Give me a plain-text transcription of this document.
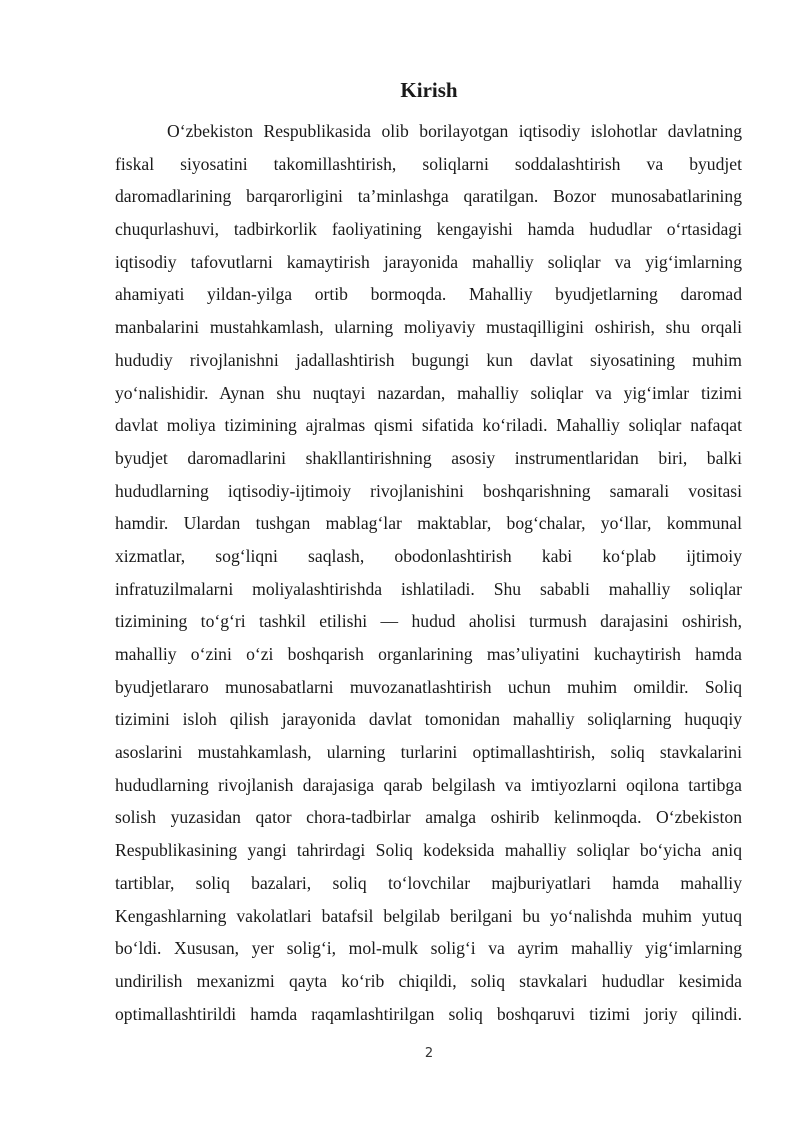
Kirish
O‘zbekiston Respublikasida olib borilayotgan iqtisodiy islohotlar davlatning
fiskal siyosatini takomillashtirish, soliqlarni soddalashtirish va byudjet
daromadlarining barqarorligini ta’minlashga qaratilgan. Bozor munosabatlarining
chuqurlashuvi, tadbirkorlik faoliyatining kengayishi hamda hududlar o‘rtasidagi
iqtisodiy tafovutlarni kamaytirish jarayonida mahalliy soliqlar va yig‘imlarning
ahamiyati yildan-yilga ortib bormoqda. Mahalliy byudjetlarning daromad
manbalarini mustahkamlash, ularning moliyaviy mustaqilligini oshirish, shu orqali
hududiy rivojlanishni jadallashtirish bugungi kun davlat siyosatining muhim
yo‘nalishidir. Aynan shu nuqtayi nazardan, mahalliy soliqlar va yig‘imlar tizimi
davlat moliya tizimining ajralmas qismi sifatida ko‘riladi. Mahalliy soliqlar nafaqat
byudjet daromadlarini shakllantirishning asosiy instrumentlaridan biri, balki
hududlarning iqtisodiy-ijtimoiy rivojlanishini boshqarishning samarali vositasi
hamdir. Ulardan tushgan mablag‘lar maktablar, bog‘chalar, yo‘llar, kommunal
xizmatlar, sog‘liqni saqlash, obodonlashtirish kabi ko‘plab ijtimoiy
infratuzilmalarni moliyalashtirishda ishlatiladi. Shu sababli mahalliy soliqlar
tizimining to‘g‘ri tashkil etilishi — hudud aholisi turmush darajasini oshirish,
mahalliy o‘zini o‘zi boshqarish organlarining mas’uliyatini kuchaytirish hamda
byudjetlararo munosabatlarni muvozanatlashtirish uchun muhim omildir. Soliq
tizimini isloh qilish jarayonida davlat tomonidan mahalliy soliqlarning huquqiy
asoslarini mustahkamlash, ularning turlarini optimallashtirish, soliq stavkalarini
hududlarning rivojlanish darajasiga qarab belgilash va imtiyozlarni oqilona tartibga
solish yuzasidan qator chora-tadbirlar amalga oshirib kelinmoqda. O‘zbekiston
Respublikasining yangi tahrirdagi Soliq kodeksida mahalliy soliqlar bo‘yicha aniq
tartiblar, soliq bazalari, soliq to‘lovchilar majburiyatlari hamda mahalliy
Kengashlarning vakolatlari batafsil belgilab berilgani bu yo‘nalishda muhim yutuq
bo‘ldi. Xususan, yer solig‘i, mol-mulk solig‘i va ayrim mahalliy yig‘imlarning
undirilish mexanizmi qayta ko‘rib chiqildi, soliq stavkalari hududlar kesimida
optimallashtirildi hamda raqamlashtirilgan soliq boshqaruvi tizimi joriy qilindi.
2
